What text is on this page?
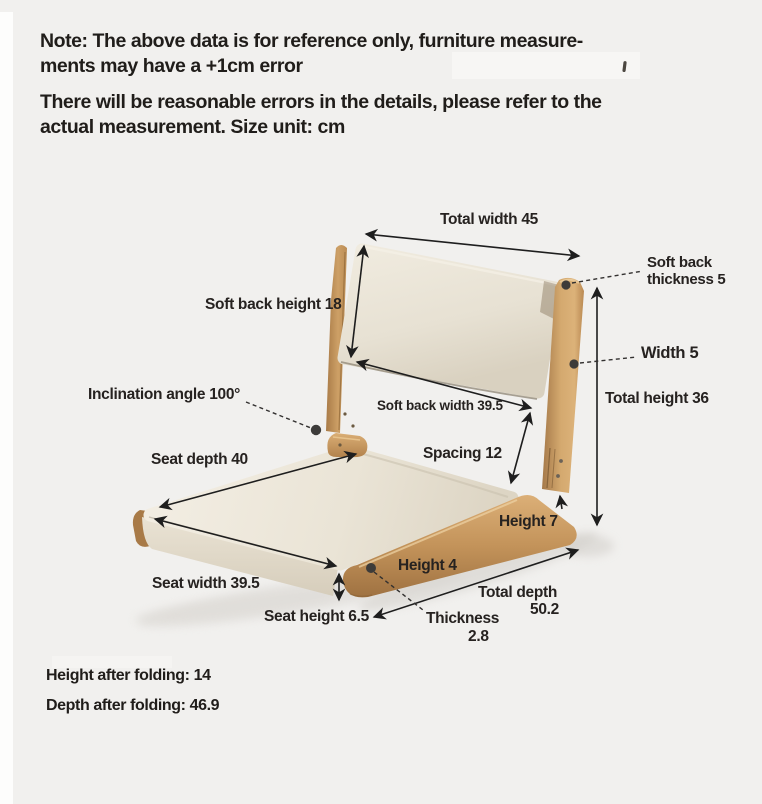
Note: The above data is for reference only, furniture measure-
ments may have a +1cm error
There will be reasonable errors in the details, please refer to the
actual measurement. Size unit: cm
Total width 45
Soft back height 18
Soft back thickness 5
Width 5
Total height 36
Inclination angle 100°
Soft back width 39.5
Spacing 12
Seat depth 40
Height 7
Height 4
Seat width 39.5
Seat height 6.5
Total depth
50.2
Thickness
2.8
Height after folding: 14
Depth after folding: 46.9
